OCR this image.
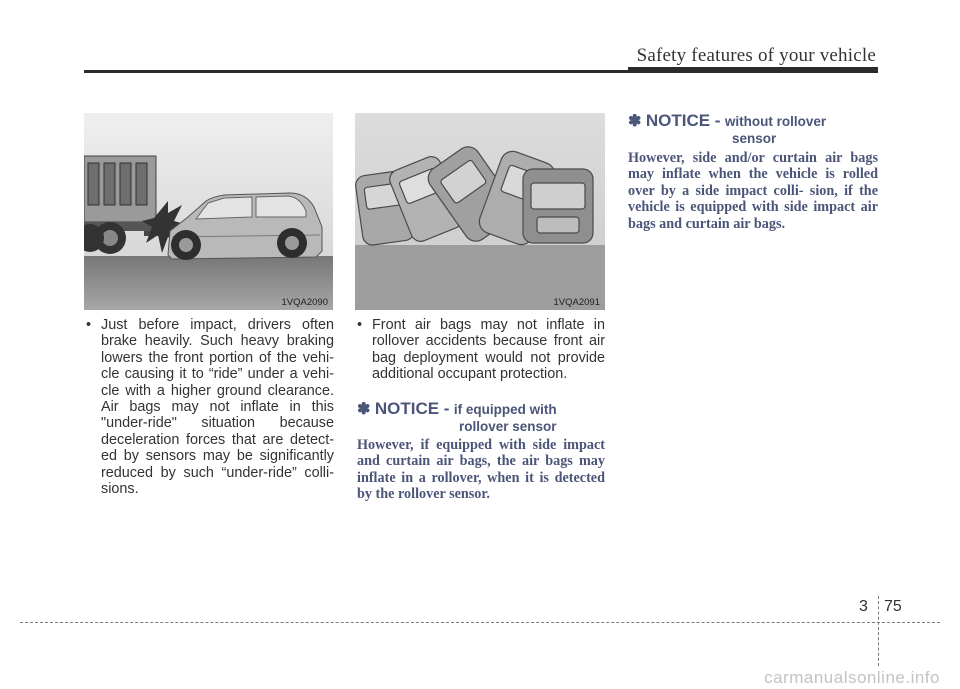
Safety features of your vehicle
1VQA2090	1VQA2091
• Just before impact, drivers often brake heavily. Such heavy braking lowers the front portion of the vehi- cle causing it to “ride” under a vehi- cle with a higher ground clearance. Air bags may not inflate in this "under-ride" situation because deceleration forces that are detect- ed by sensors may be significantly reduced by such “under-ride” colli- sions.
• Front air bags may not inflate in rollover accidents because front air bag deployment would not provide additional occupant protection.
✽ NOTICE - if equipped with
rollover sensor
However, if equipped with side impact and curtain air bags, the air bags may inflate in a rollover, when it is detected by the rollover sensor.
✽ NOTICE - without rollover
sensor
However, side and/or curtain air bags may inflate when the vehicle is rolled over by a side impact colli- sion, if the vehicle is equipped with side impact air bags and curtain air bags.
3 75
carmanualsonline.info
